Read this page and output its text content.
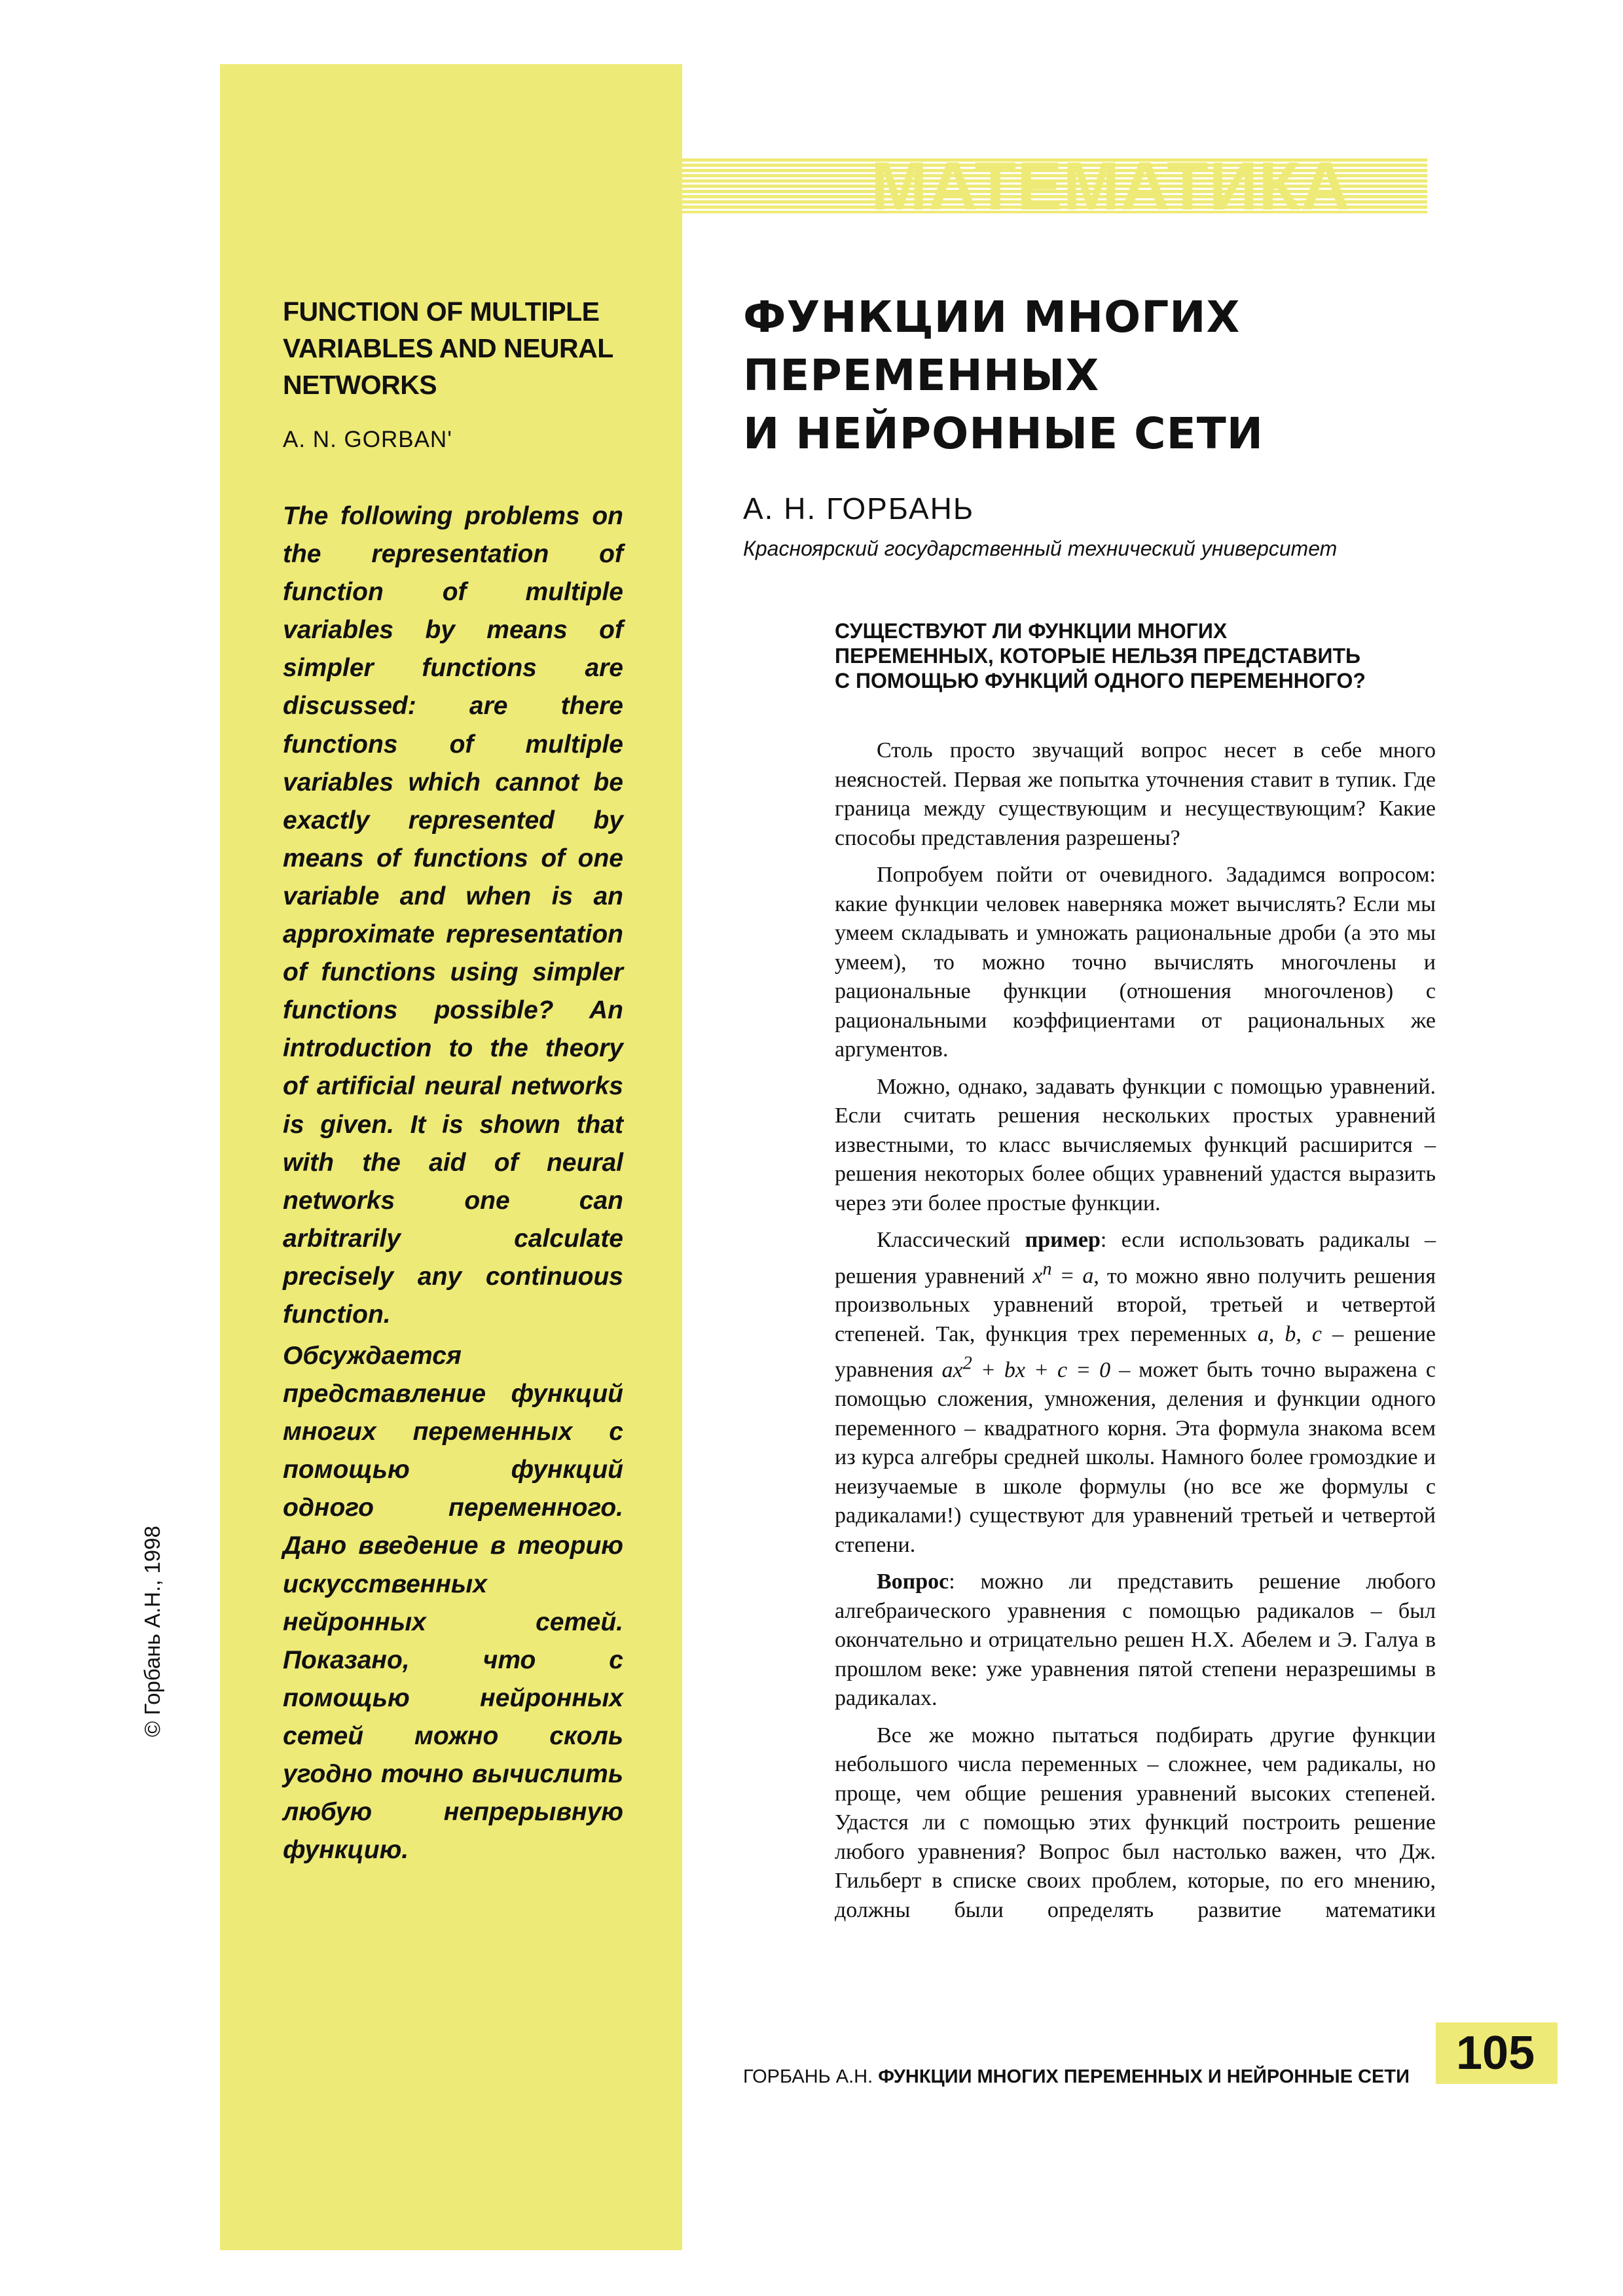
МАТЕМАТИКА
FUNCTION OF MULTIPLE VARIABLES AND NEURAL NETWORKS
A. N. GORBAN'
The following problems on the representation of function of multiple variables by means of simpler functions are discussed: are there functions of multiple variables which cannot be exactly represented by means of functions of one variable and when is an approximate representation of functions using simpler functions possible? An introduction to the theory of artificial neural networks is given. It is shown that with the aid of neural networks one can arbitrarily calculate precisely any continuous function.
Обсуждается представление функций многих переменных с помощью функций одного переменного. Дано введение в теорию искусственных нейронных сетей. Показано, что с помощью нейронных сетей можно сколь угодно точно вычислить любую непрерывную функцию.
© Горбань А.Н., 1998
ФУНКЦИИ МНОГИХ
ПЕРЕМЕННЫХ
И НЕЙРОННЫЕ СЕТИ
А. Н. ГОРБАНЬ
Красноярский государственный технический университет
СУЩЕСТВУЮТ ЛИ ФУНКЦИИ МНОГИХ ПЕРЕМЕННЫХ, КОТОРЫЕ НЕЛЬЗЯ ПРЕДСТАВИТЬ С ПОМОЩЬЮ ФУНКЦИЙ ОДНОГО ПЕРЕМЕННОГО?

Столь просто звучащий вопрос несет в себе много неясностей. Первая же попытка уточнения ставит в тупик. Где граница между существующим и несуществующим? Какие способы представления разрешены?

Попробуем пойти от очевидного. Зададимся вопросом: какие функции человек наверняка может вычислять? Если мы умеем складывать и умножать рациональные дроби (а это мы умеем), то можно точно вычислять многочлены и рациональные функции (отношения многочленов) с рациональными коэффициентами от рациональных же аргументов.

Можно, однако, задавать функции с помощью уравнений. Если считать решения нескольких простых уравнений известными, то класс вычисляемых функций расширится – решения некоторых более общих уравнений удастся выразить через эти более простые функции.

Классический пример: если использовать радикалы – решения уравнений $x^n = a$, то можно явно получить решения произвольных уравнений второй, третьей и четвертой степеней. Так, функция трех переменных a, b, c – решение уравнения $ax^2$ + bx + c = 0 – может быть точно выражена с помощью сложения, умножения, деления и функции одного переменного – квадратного корня. Эта формула знакома всем из курса алгебры средней школы. Намного более громоздкие и неизучаемые в школе формулы (но все же формулы с радикалами!) существуют для уравнений третьей и четвертой степени.

Вопрос: можно ли представить решение любого алгебраического уравнения с помощью радикалов – был окончательно и отрицательно решен Н.Х. Абелем и Э. Галуа в прошлом веке: уже уравнения пятой степени неразрешимы в радикалах.

Все же можно пытаться подбирать другие функции небольшого числа переменных – сложнее, чем радикалы, но проще, чем общие решения уравнений высоких степеней. Удастся ли с помощью этих функций построить решение любого уравнения? Вопрос был настолько важен, что Дж. Гильберт в списке своих проблем, которые, по его мнению, должны были определять развитие математики

ГОРБАНЬ А.Н. ФУНКЦИИ МНОГИХ ПЕРЕМЕННЫХ И НЕЙРОННЫЕ СЕТИ 105
